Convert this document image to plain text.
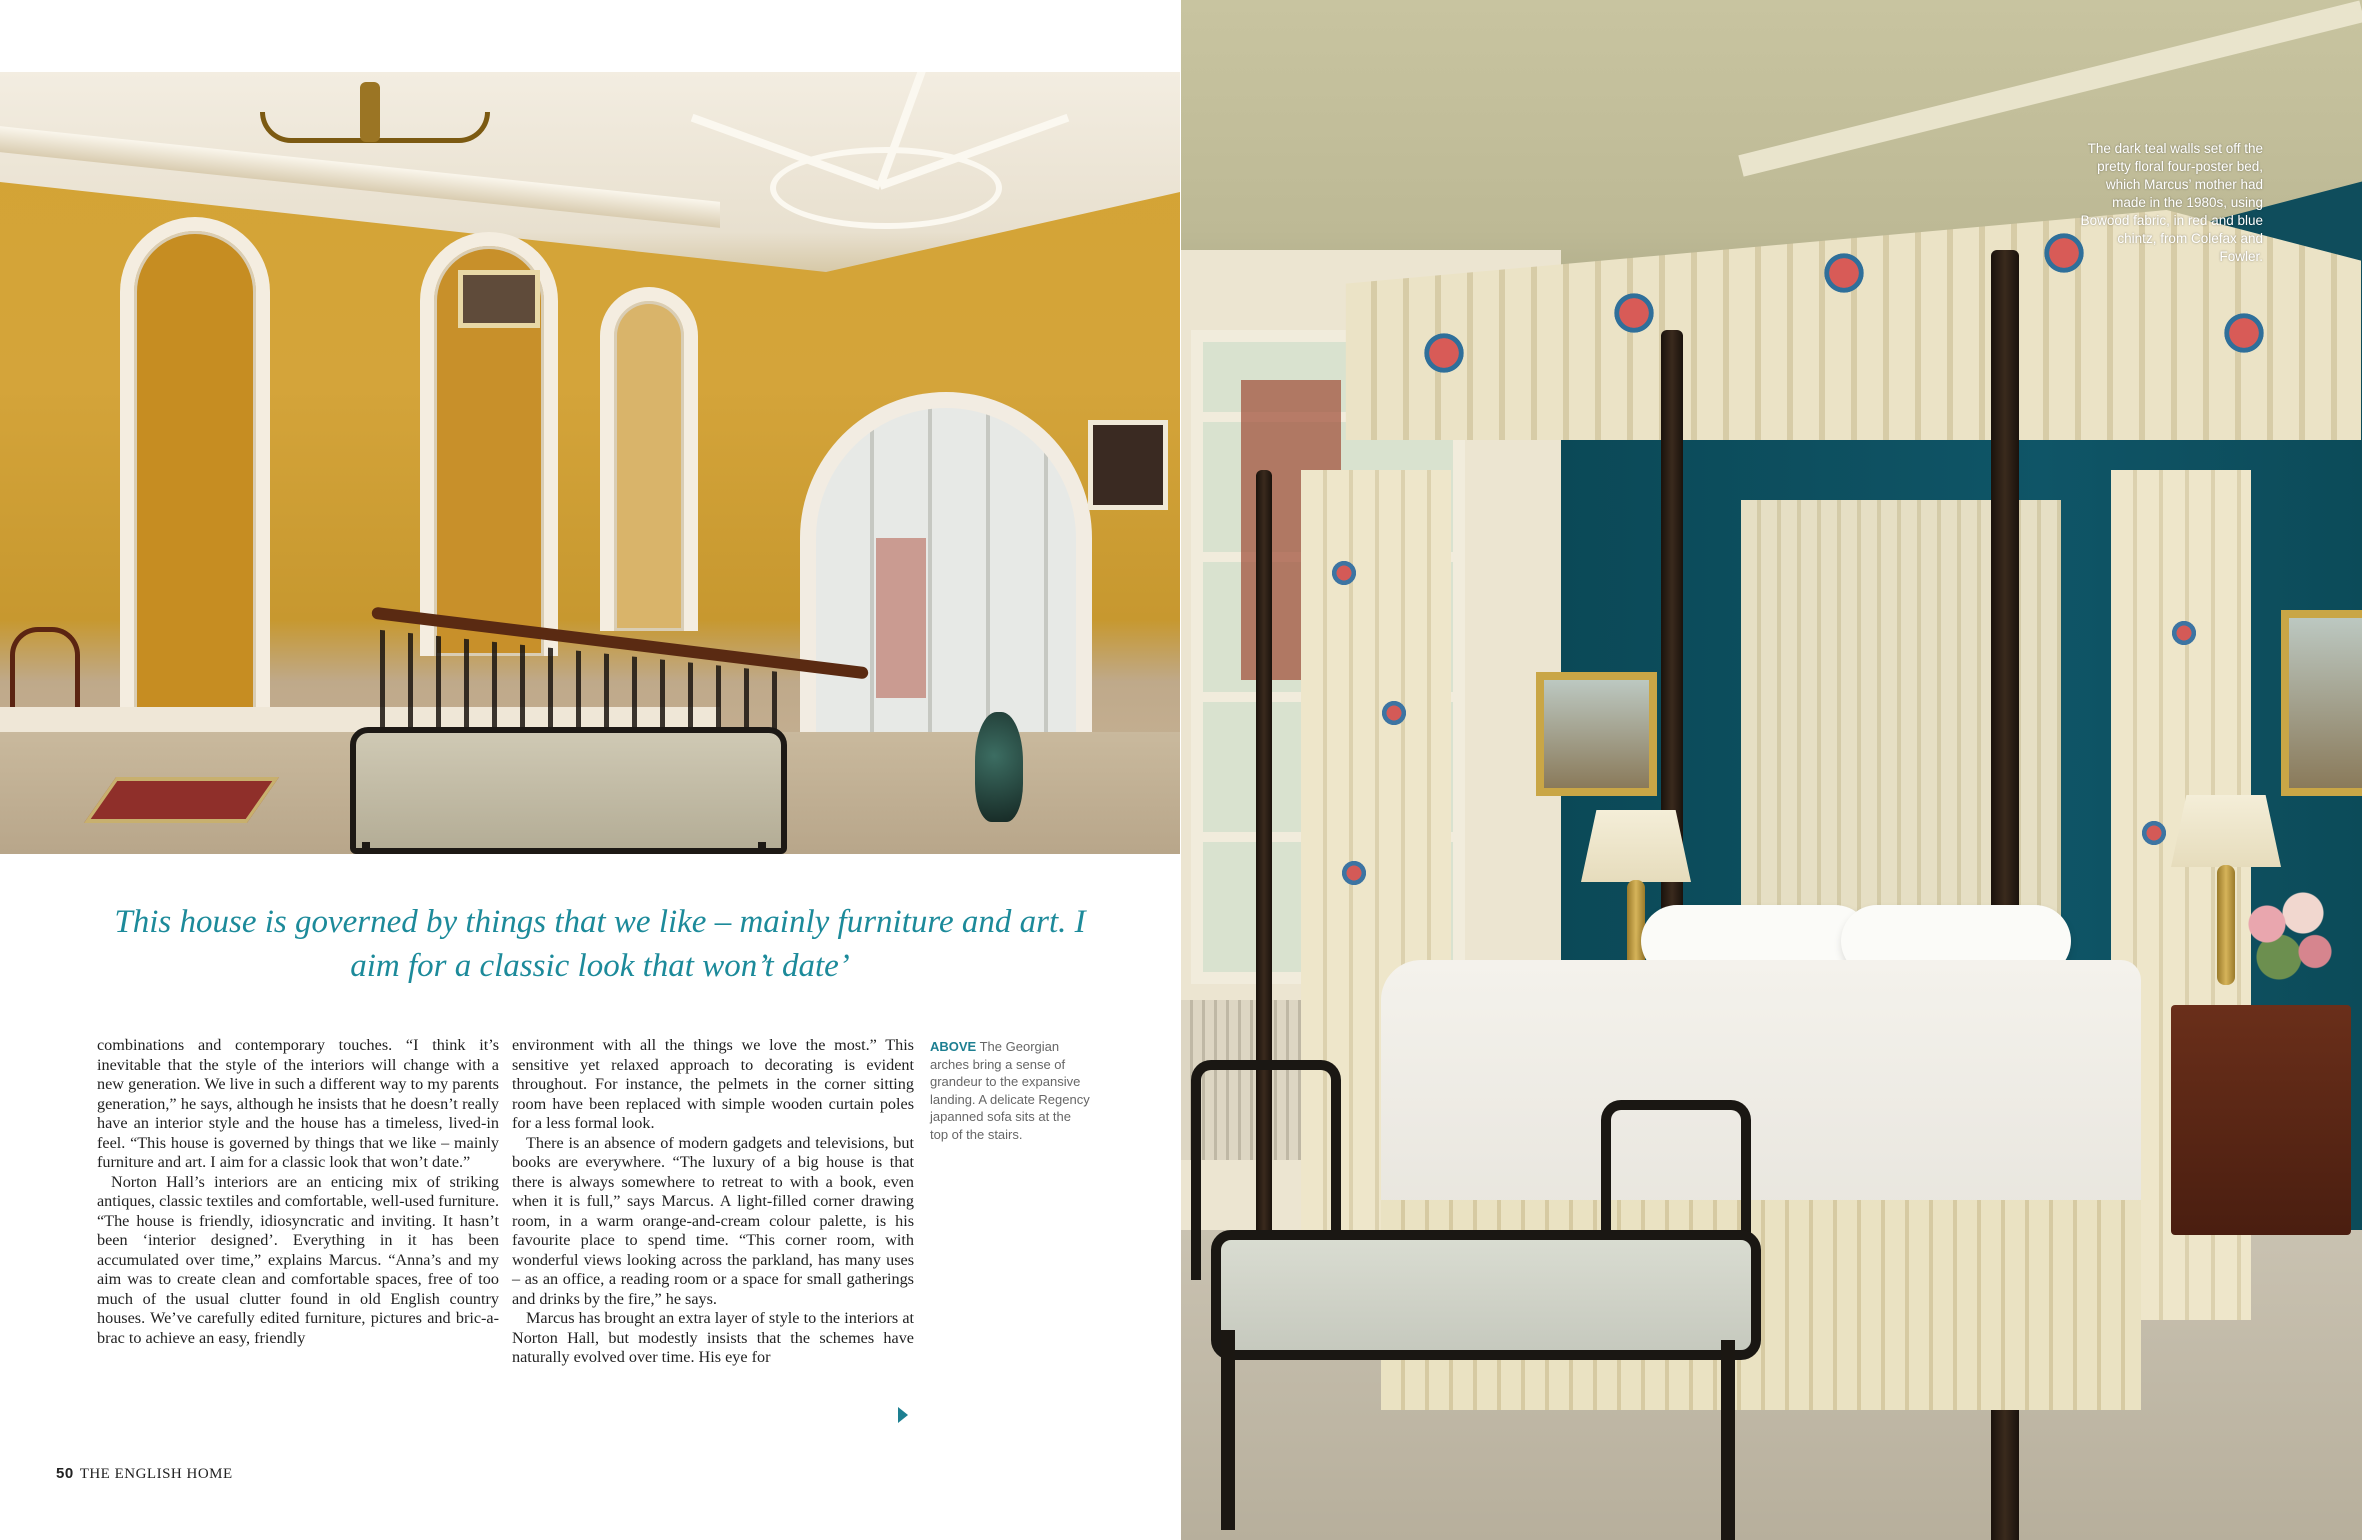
This house is governed by things that we like – mainly furniture and art. I aim for a classic look that won’t date’

combinations and contemporary touches. “I think it’s inevitable that the style of the interiors will change with a new generation. We live in such a different way to my parents generation,” he says, although he insists that he doesn’t really have an interior style and the house has a timeless, lived-in feel. “This house is governed by things that we like – mainly furniture and art. I aim for a classic look that won’t date.”

Norton Hall’s interiors are an enticing mix of striking antiques, classic textiles and comfortable, well-used furniture. “The house is friendly, idiosyncratic and inviting. It hasn’t been ‘interior designed’. Everything in it has been accumulated over time,” explains Marcus. “Anna’s and my aim was to create clean and comfortable spaces, free of too much of the usual clutter found in old English country houses. We’ve carefully edited furniture, pictures and bric-a-brac to achieve an easy, friendly

environment with all the things we love the most.” This sensitive yet relaxed approach to decorating is evident throughout. For instance, the pelmets in the corner sitting room have been replaced with simple wooden curtain poles for a less formal look.

There is an absence of modern gadgets and televisions, but books are everywhere. “The luxury of a big house is that there is always somewhere to retreat to with a book, even when it is full,” says Marcus. A light-filled corner drawing room, in a warm orange-and-cream colour palette, is his favourite place to spend time. “This corner room, with wonderful views looking across the parkland, has many uses – as an office, a reading room or a space for small gatherings and drinks by the fire,” he says.

Marcus has brought an extra layer of style to the interiors at Norton Hall, but modestly insists that the schemes have naturally evolved over time. His eye for

ABOVE The Georgian arches bring a sense of grandeur to the expansive landing. A delicate Regency japanned sofa sits at the top of the stairs.
50 THE ENGLISH HOME
The dark teal walls set off the pretty floral four-poster bed, which Marcus’ mother had made in the 1980s, using Bowood fabric, in red and blue chintz, from Colefax and Fowler.
